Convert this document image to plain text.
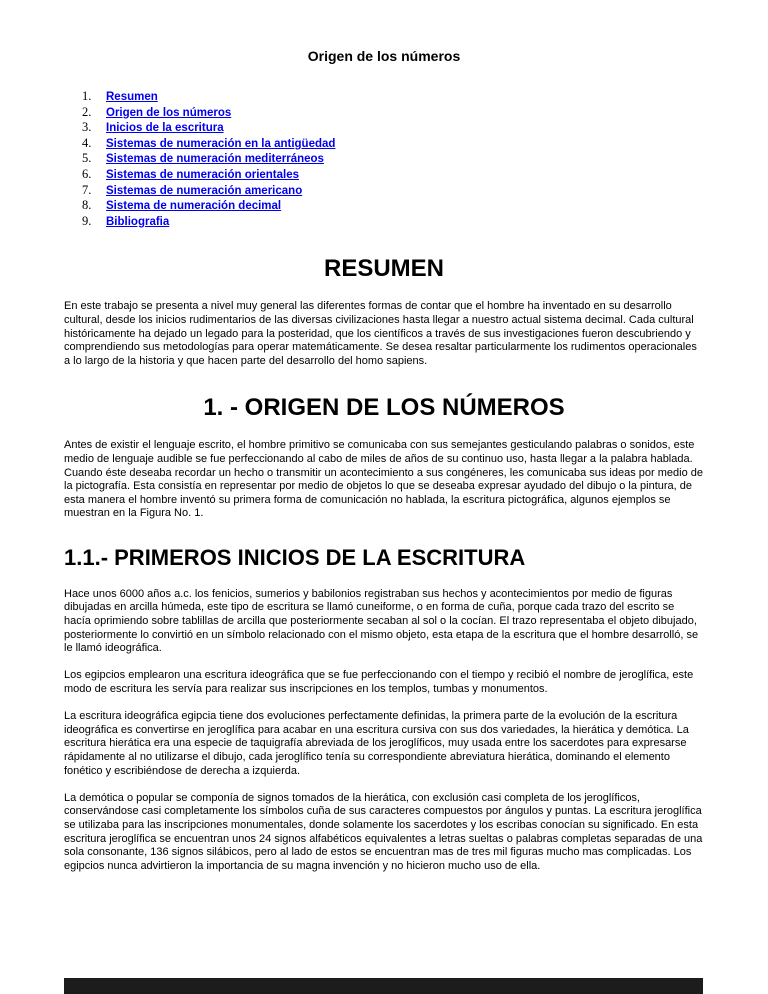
Origen de los números
1.	Resumen
2.	Origen de los números
3.	Inicios de la escritura
4.	Sistemas de numeración en la antigüedad
5.	Sistemas de numeración mediterráneos
6.	Sistemas de numeración orientales
7.	Sistemas de numeración americano
8.	Sistema de numeración decimal
9.	Bibliografia
RESUMEN

En este trabajo se presenta a nivel muy general las diferentes formas de contar que el hombre ha inventado en su desarrollo cultural, desde los inicios rudimentarios de las diversas civilizaciones hasta llegar a nuestro actual sistema decimal. Cada cultural históricamente ha dejado un legado para la posteridad, que los científicos a través de sus investigaciones fueron descubriendo y comprendiendo sus metodologías para operar matemáticamente. Se desea resaltar particularmente los rudimentos operacionales a lo largo de la historia y que hacen parte del desarrollo del homo sapiens.

1. - ORIGEN DE LOS NÚMEROS

Antes de existir el lenguaje escrito, el hombre primitivo se comunicaba con sus semejantes gesticulando palabras o sonidos, este medio de lenguaje audible se fue perfeccionando al cabo de miles de años de su continuo uso, hasta llegar a la palabra hablada. Cuando éste deseaba recordar un hecho o transmitir un acontecimiento a sus congéneres, les comunicaba sus ideas por medio de la pictografía. Esta consistía en representar por medio de objetos lo que se deseaba expresar ayudado del dibujo o la pintura, de esta manera el hombre inventó su primera forma de comunicación no hablada, la escritura pictográfica, algunos ejemplos se muestran en la Figura No. 1.

1.1.- PRIMEROS INICIOS DE LA ESCRITURA

Hace unos 6000 años a.c. los fenicios, sumerios y babilonios registraban sus hechos y acontecimientos por medio de figuras dibujadas en arcilla húmeda, este tipo de escritura se llamó cuneiforme, o en forma de cuña, porque cada trazo del escrito se hacía oprimiendo sobre tablillas de arcilla que posteriormente secaban al sol o la cocían. El trazo representaba el objeto dibujado, posteriormente lo convirtió en un símbolo relacionado con el mismo objeto, esta etapa de la escritura que el hombre desarrolló, se le llamó ideográfica.

Los egipcios emplearon una escritura ideográfica que se fue perfeccionando con el tiempo y recibió el nombre de jeroglífica, este modo de escritura les servía para realizar sus inscripciones en los templos, tumbas y monumentos.

La escritura ideográfica egipcia tiene dos evoluciones perfectamente definidas, la primera parte de la evolución de la escritura ideográfica es convertirse en jeroglífica para acabar en una escritura cursiva con sus dos variedades, la hierática y demótica. La escritura hierática era una especie de taquigrafía abreviada de los jeroglíficos, muy usada entre los sacerdotes para expresarse rápidamente al no utilizarse el dibujo, cada jeroglífico tenía su correspondiente abreviatura hierática, dominando el elemento fonético y escribiéndose de derecha a izquierda.

La demótica o popular se componía de signos tomados de la hierática, con exclusión casi completa de los jeroglíficos, conservándose casi completamente los símbolos cuña de sus caracteres compuestos por ángulos y puntas. La escritura jeroglífica se utilizaba para las inscripciones monumentales, donde solamente los sacerdotes y los escribas conocían su significado. En esta escritura jeroglífica se encuentran unos 24 signos alfabéticos equivalentes a letras sueltas o palabras completas separadas de una sola consonante, 136 signos silábicos, pero al lado de estos se encuentran mas de tres mil figuras mucho mas complicadas. Los egipcios nunca advirtieron la importancia de su magna invención y no hicieron mucho uso de ella.
